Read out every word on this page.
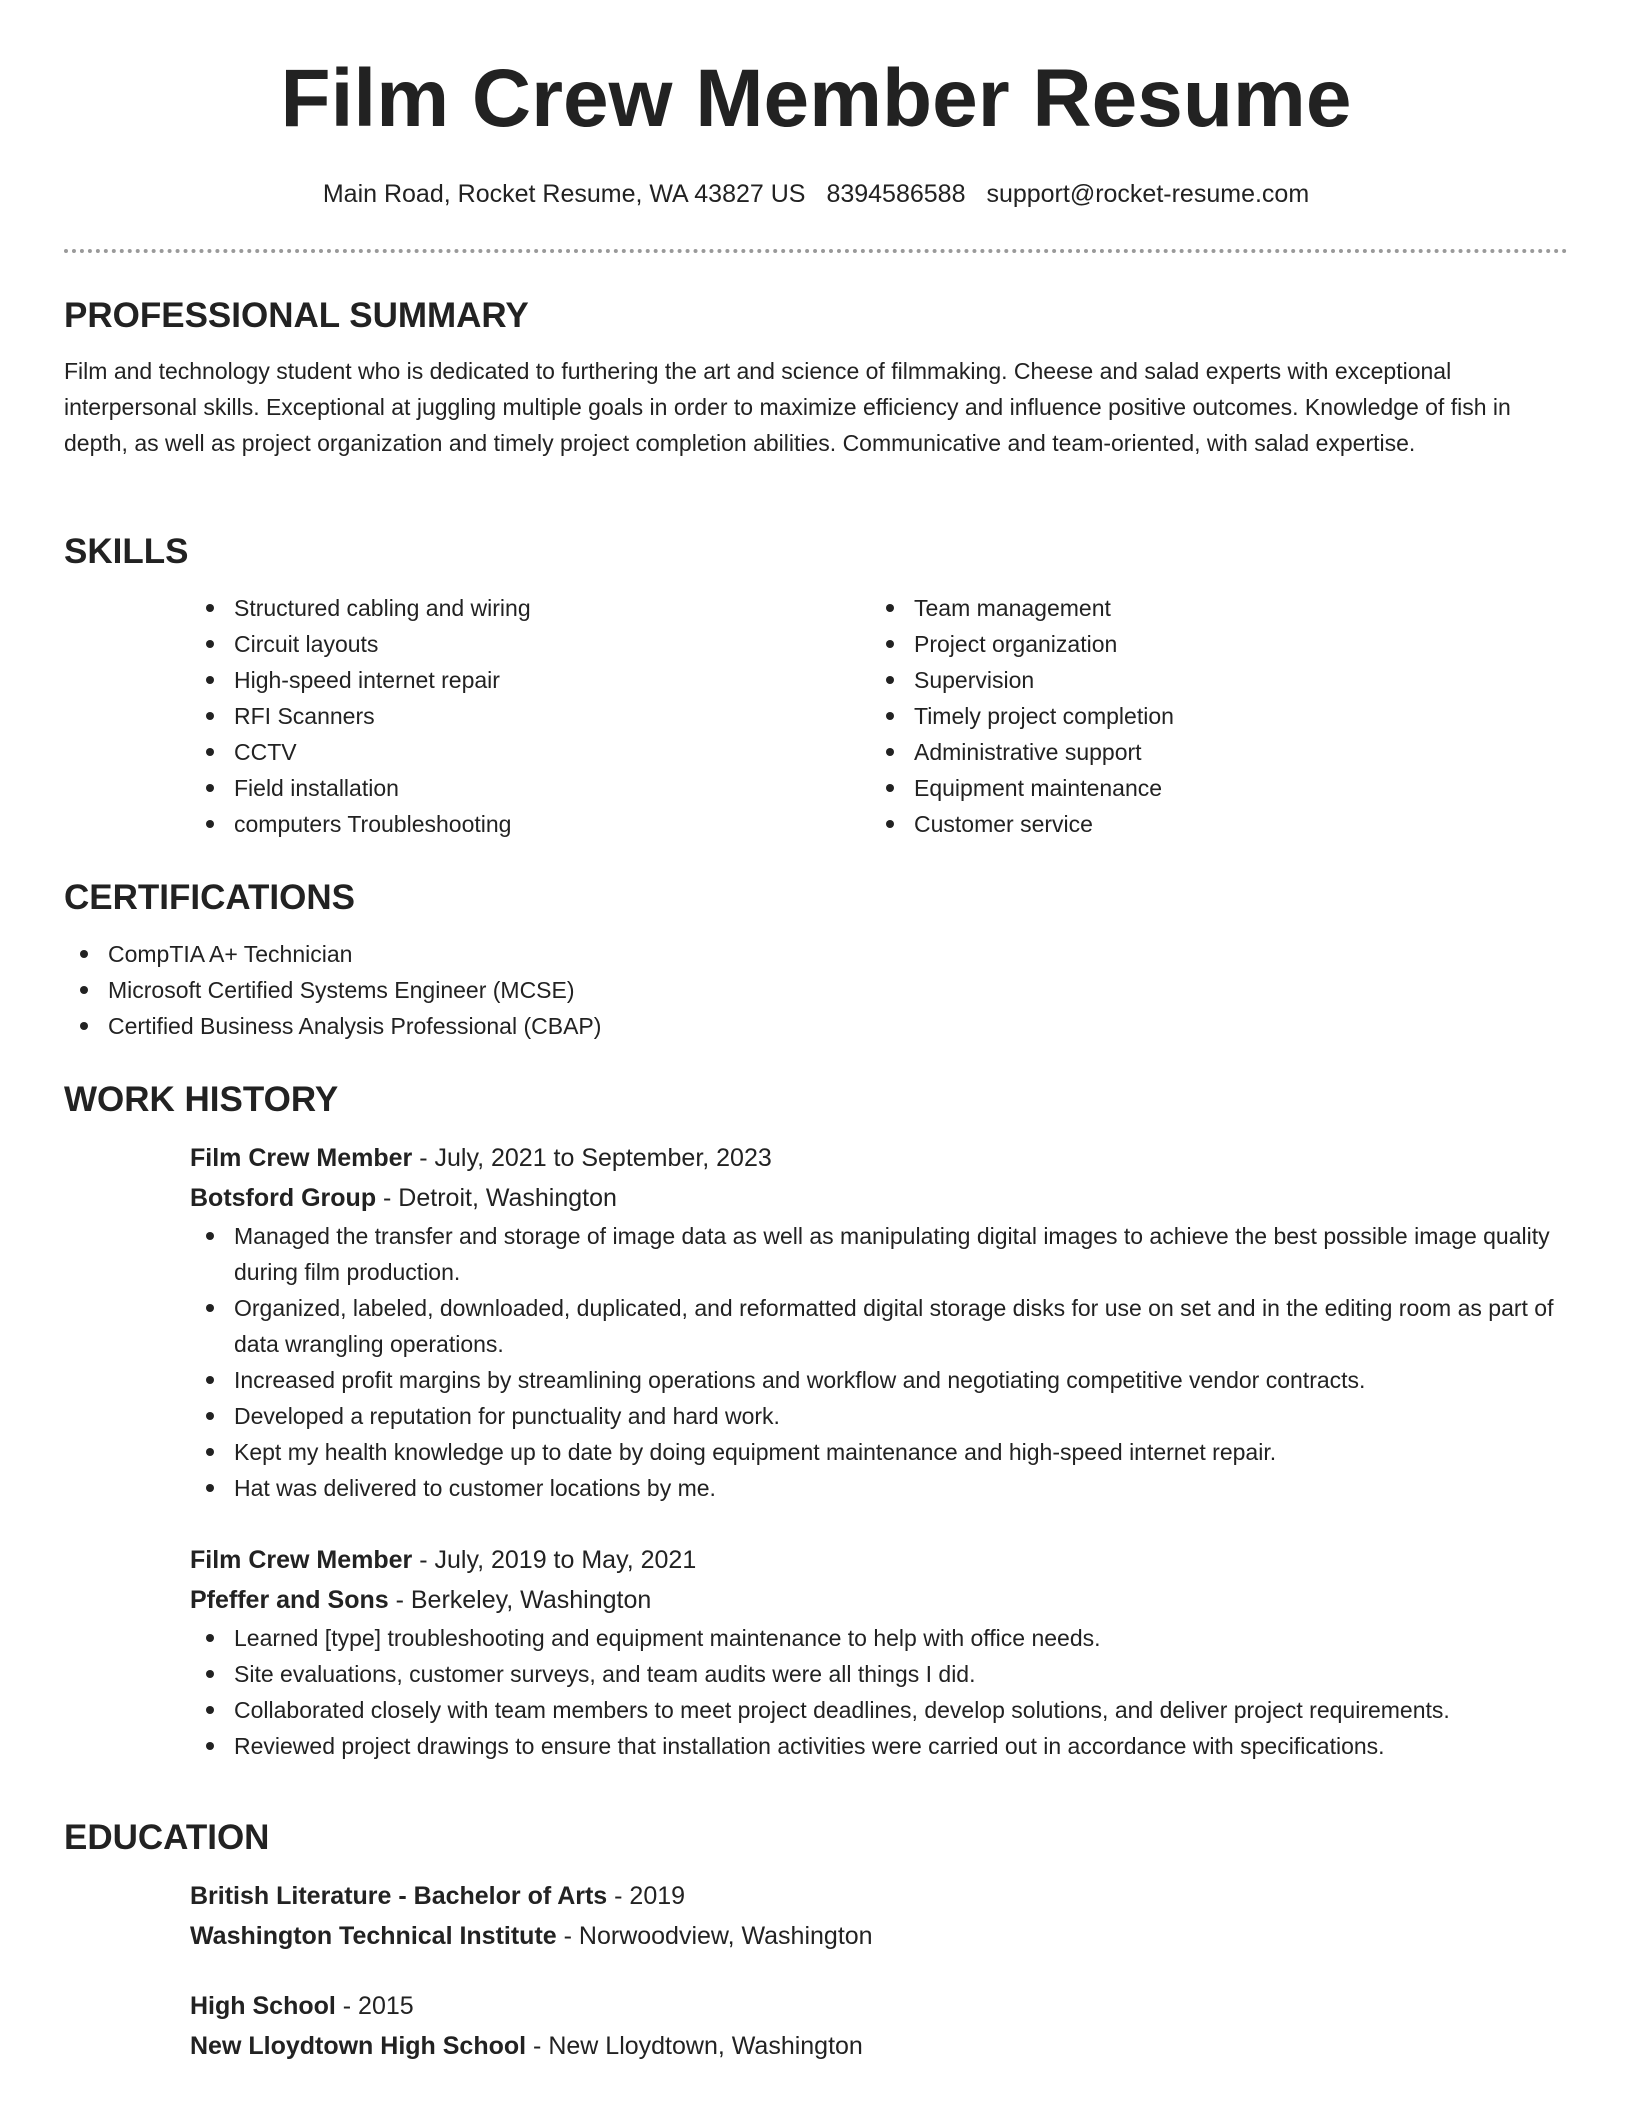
Film Crew Member Resume
Main Road, Rocket Resume, WA 43827 US 8394586588 support@rocket-resume.com
PROFESSIONAL SUMMARY

Film and technology student who is dedicated to furthering the art and science of filmmaking. Cheese and salad experts with exceptional interpersonal skills. Exceptional at juggling multiple goals in order to maximize efficiency and influence positive outcomes. Knowledge of fish in depth, as well as project organization and timely project completion abilities. Communicative and team-oriented, with salad expertise.

SKILLS
Structured cabling and wiring
Circuit layouts
High-speed internet repair
RFI Scanners
CCTV
Field installation
computers Troubleshooting
Team management
Project organization
Supervision
Timely project completion
Administrative support
Equipment maintenance
Customer service
CERTIFICATIONS
CompTIA A+ Technician
Microsoft Certified Systems Engineer (MCSE)
Certified Business Analysis Professional (CBAP)
WORK HISTORY
Film Crew Member - July, 2021 to September, 2023
Botsford Group - Detroit, Washington
Managed the transfer and storage of image data as well as manipulating digital images to achieve the best possible image quality during film production.
Organized, labeled, downloaded, duplicated, and reformatted digital storage disks for use on set and in the editing room as part of data wrangling operations.
Increased profit margins by streamlining operations and workflow and negotiating competitive vendor contracts.
Developed a reputation for punctuality and hard work.
Kept my health knowledge up to date by doing equipment maintenance and high-speed internet repair.
Hat was delivered to customer locations by me.
Film Crew Member - July, 2019 to May, 2021
Pfeffer and Sons - Berkeley, Washington
Learned [type] troubleshooting and equipment maintenance to help with office needs.
Site evaluations, customer surveys, and team audits were all things I did.
Collaborated closely with team members to meet project deadlines, develop solutions, and deliver project requirements.
Reviewed project drawings to ensure that installation activities were carried out in accordance with specifications.
EDUCATION
British Literature - Bachelor of Arts - 2019
Washington Technical Institute - Norwoodview, Washington
High School - 2015
New Lloydtown High School - New Lloydtown, Washington
